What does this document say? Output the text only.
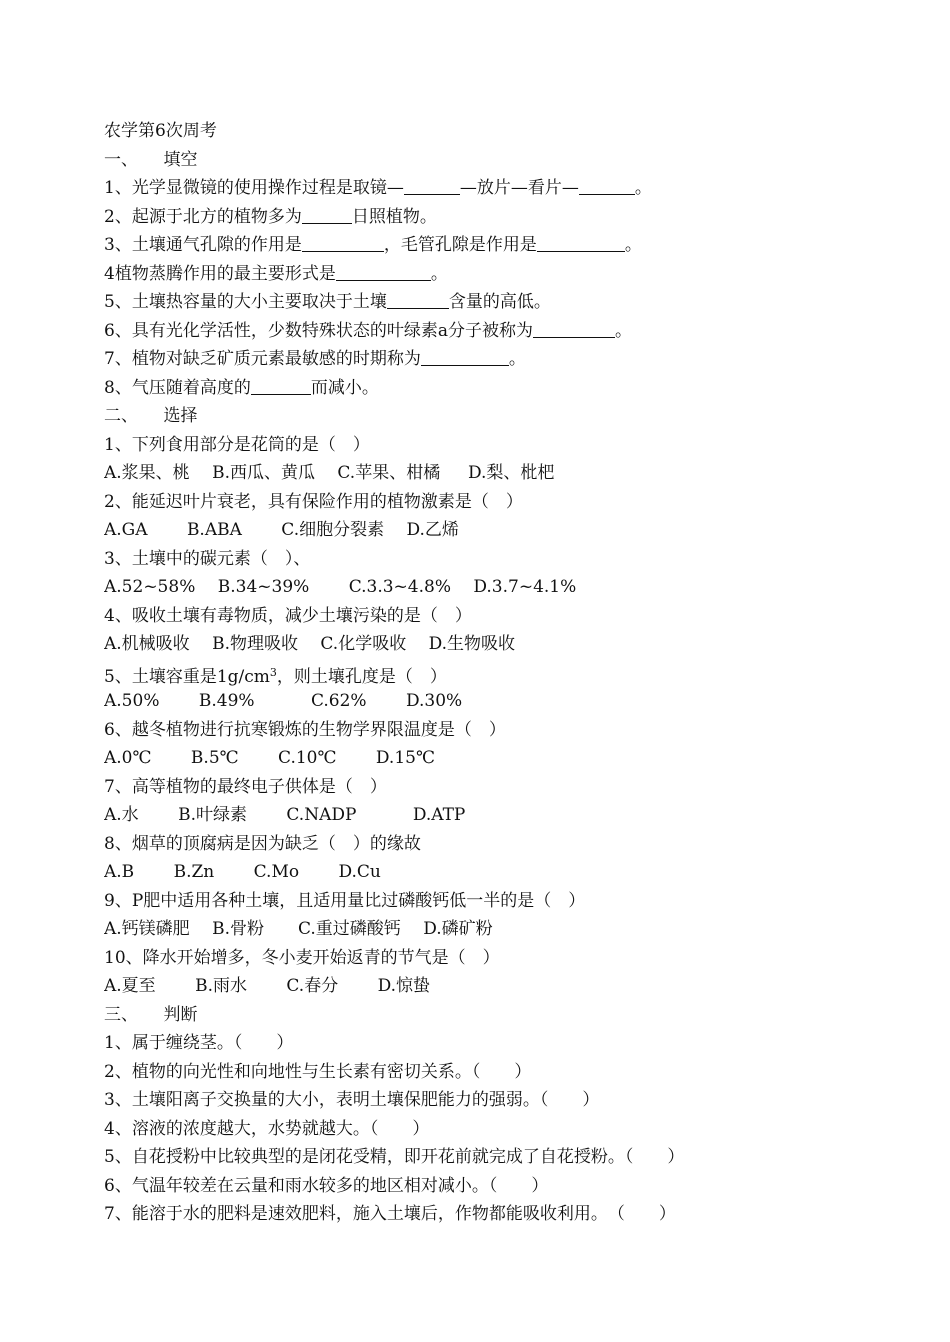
农学第6次周考
一、　　填空
1、光学显微镜的使用操作过程是取镜—	—放片—看片—	。
2、起源于北方的植物多为	日照植物。
3、土壤通气孔隙的作用是	，毛管孔隙是作用是	。
4植物蒸腾作用的最主要形式是	。
5、土壤热容量的大小主要取决于土壤	含量的高低。
6、具有光化学活性，少数特殊状态的叶绿素a分子被称为	。
7、植物对缺乏矿质元素最敏感的时期称为	。
8、气压随着高度的	而减小。
二、　　选择
1、下列食用部分是花筒的是（　）
A.浆果、桃　 B.西瓜、黄瓜　 C.苹果、柑橘　  D.梨、枇杷
2、能延迟叶片衰老，具有保险作用的植物激素是（　）
A.GA　 　B.ABA　　 C.细胞分裂素　 D.乙烯
3、土壤中的碳元素（　）、
A.52~58%　 B.34~39%　 　C.3.3~4.8%　 D.3.7~4.1%
4、吸收土壤有毒物质，减少土壤污染的是（　）
A.机械吸收　 B.物理吸收　 C.化学吸收　 D.生物吸收
5、土壤容重是$1g/cm^3$，则土壤孔度是（　）
A.50%　　 B.49%　　 　C.62%　　 D.30%
6、越冬植物进行抗寒锻炼的生物学界限温度是（　）
A.0℃　　 B.5℃　　 C.10℃　　 D.15℃
7、高等植物的最终电子供体是（　）
A.水　 　B.叶绿素　 　C.NADP　　 　D.ATP
8、烟草的顶腐病是因为缺乏（　）的缘故
A.B　　 B.Zn　　 C.Mo　　 D.Cu
9、P肥中适用各种土壤，且适用量比过磷酸钙低一半的是（　）
A.钙镁磷肥　 B.骨粉　　C.重过磷酸钙　 D.磷矿粉
10、降水开始增多，冬小麦开始返青的节气是（　）
A.夏至　 　B.雨水　 　C.春分　 　D.惊蛰
三、　　判断
1、属于缠绕茎。（　　）
2、植物的向光性和向地性与生长素有密切关系。（　　）
3、土壤阳离子交换量的大小，表明土壤保肥能力的强弱。（　　）
4、溶液的浓度越大，水势就越大。（　　）
5、自花授粉中比较典型的是闭花受精，即开花前就完成了自花授粉。（　　）
6、气温年较差在云量和雨水较多的地区相对减小。（　　）
7、能溶于水的肥料是速效肥料，施入土壤后，作物都能吸收利用。　（　　）
